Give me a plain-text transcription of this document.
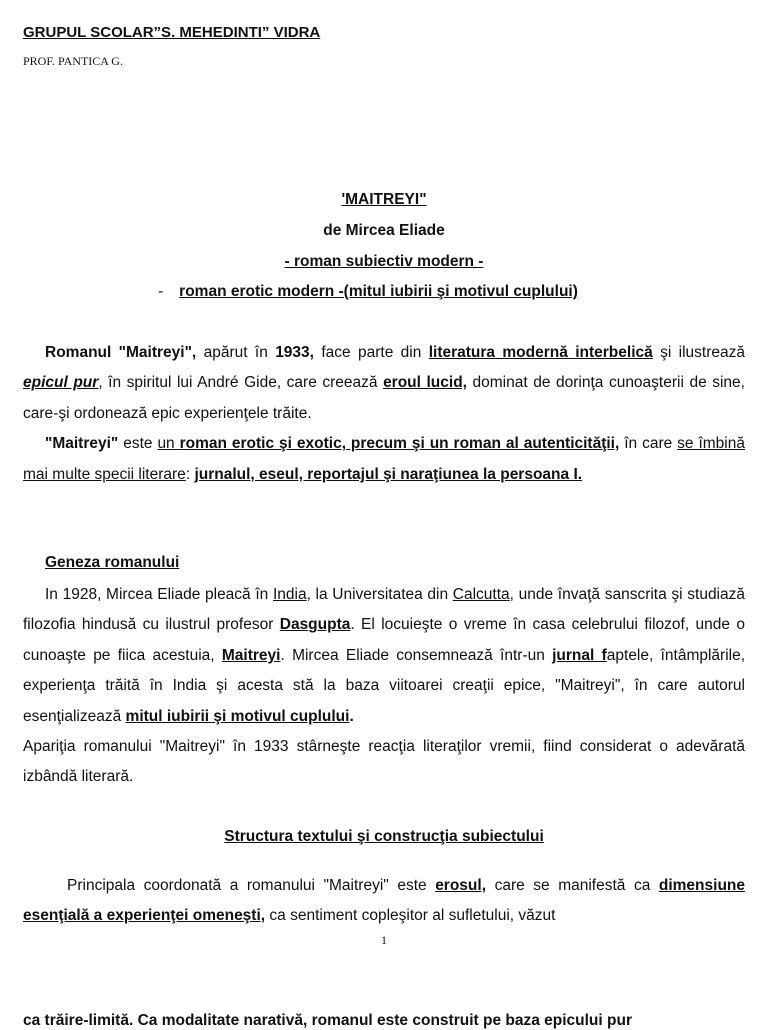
GRUPUL SCOLAR”S. MEHEDINTI” VIDRA
PROF. PANTICA G.
'MAITREYI"
de Mircea Eliade
- roman subiectiv modern -
- roman erotic modern -(mitul iubirii şi motivul cuplului)

Romanul "Maitreyi", apărut în 1933, face parte din literatura modernă interbelică şi ilustrează epicul pur, în spiritul lui André Gide, care creează eroul lucid, dominat de dorinţa cunoaşterii de sine, care-şi ordonează epic experienţele trăite.

"Maitreyi" este un roman erotic şi exotic, precum şi un roman al autenticităţii, în care se îmbină mai multe specii literare: jurnalul, eseul, reportajul şi naraţiunea la persoana I.

Geneza romanului

In 1928, Mircea Eliade pleacă în India, la Universitatea din Calcutta, unde învaţă sanscrita şi studiază filozofia hindusă cu ilustrul profesor Dasgupta. El locuieşte o vreme în casa celebrului filozof, unde o cunoaşte pe fiica acestuia, Maitreyi. Mircea Eliade consemnează într-un jurnal faptele, întâmplările, experienţa trăită în India şi acesta stă la baza viitoarei creaţii epice, "Maitreyi", în care autorul esenţializează mitul iubirii şi motivul cuplului.

Apariţia romanului "Maitreyi" în 1933 stârneşte reacţia literaţilor vremii, fiind considerat o adevărată izbândă literară.

Structura textului şi construcţia subiectului

Principala coordonată a romanului "Maitreyi" este erosul, care se manifestă ca dimensiune esenţială a experienţei omeneşti, ca sentiment copleşitor al sufletului, văzut

1
ca trăire-limită. Ca modalitate narativă, romanul este construit pe baza epicului pur
